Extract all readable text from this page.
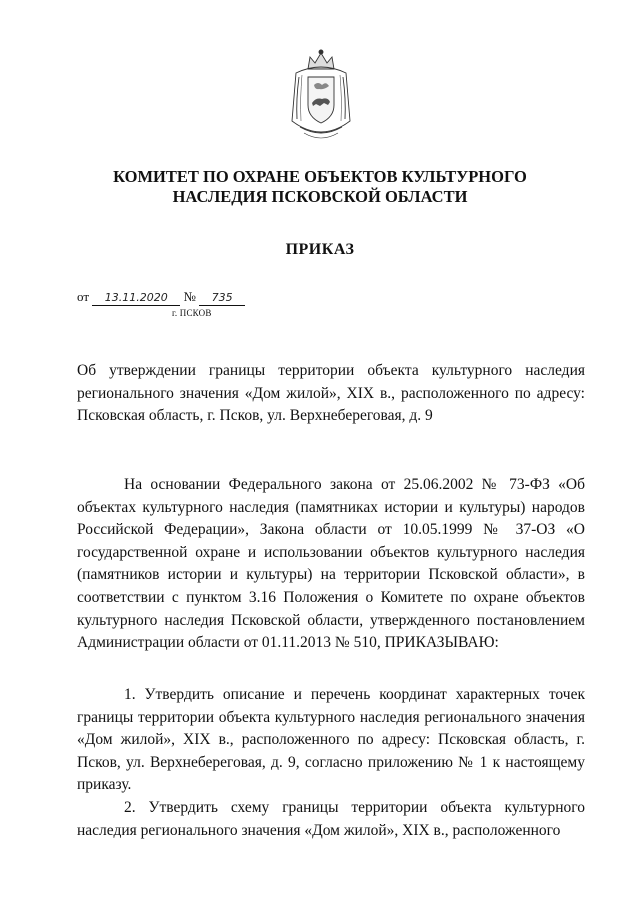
КОМИТЕТ ПО ОХРАНЕ ОБЪЕКТОВ КУЛЬТУРНОГО
НАСЛЕДИЯ ПСКОВСКОЙ ОБЛАСТИ
ПРИКАЗ
от 13.11.2020 № 735
г. ПСКОВ

Об утверждении границы территории объекта культурного наследия регионального значения «Дом жилой», XIX в., расположенного по адресу: Псковская область, г. Псков, ул. Верхнебереговая, д. 9

На основании Федерального закона от 25.06.2002 № 73-ФЗ «Об объектах культурного наследия (памятниках истории и культуры) народов Российской Федерации», Закона области от 10.05.1999 № 37-ОЗ «О государственной охране и использовании объектов культурного наследия (памятников истории и культуры) на территории Псковской области», в соответствии с пунктом 3.16 Положения о Комитете по охране объектов культурного наследия Псковской области, утвержденного постановлением Администрации области от 01.11.2013 № 510, ПРИКАЗЫВАЮ:

1. Утвердить описание и перечень координат характерных точек границы территории объекта культурного наследия регионального значения «Дом жилой», XIX в., расположенного по адресу: Псковская область, г. Псков, ул. Верхнебереговая, д. 9, согласно приложению № 1 к настоящему приказу.

2. Утвердить схему границы территории объекта культурного наследия регионального значения «Дом жилой», XIX в., расположенного
